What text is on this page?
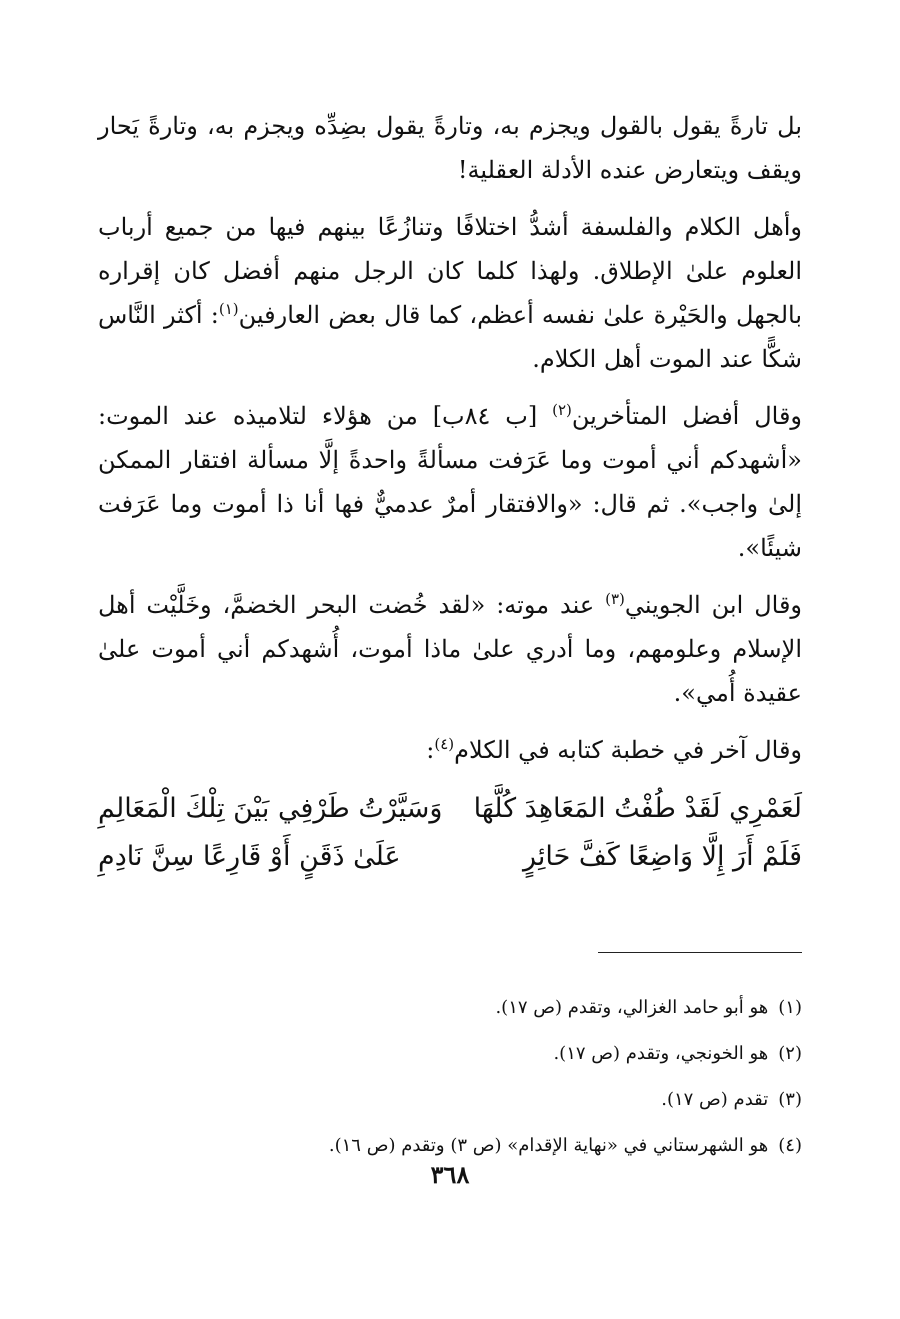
بل تارةً يقول بالقول ويجزم به، وتارةً يقول بضِدِّه ويجزم به، وتارةً يَحار ويقف ويتعارض عنده الأدلة العقلية!

وأهل الكلام والفلسفة أشدُّ اختلافًا وتنازُعًا بينهم فيها من جميع أرباب العلوم علىٰ الإطلاق. ولهذا كلما كان الرجل منهم أفضل كان إقراره بالجهل والحَيْرة علىٰ نفسه أعظم، كما قال بعض العارفين$^{(١)}$: أكثر النَّاس شكًّا عند الموت أهل الكلام.

وقال أفضل المتأخرين$^{(٢)}$ [ب ٨٤ب] من هؤلاء لتلاميذه عند الموت: «أشهدكم أني أموت وما عَرَفت مسألةً واحدةً إلَّا مسألة افتقار الممكن إلىٰ واجب». ثم قال: «والافتقار أمرٌ عدميٌّ فها أنا ذا أموت وما عَرَفت شيئًا».

وقال ابن الجويني$^{(٣)}$ عند موته: «لقد خُضت البحر الخضمَّ، وخَلَّيْت أهل الإسلام وعلومهم، وما أدري علىٰ ماذا أموت، أُشهدكم أني أموت علىٰ عقيدة أُمي».

وقال آخر في خطبة كتابه في الكلام$^{(٤)}$:

لَعَمْرِي لَقَدْ طُفْتُ المَعَاهِدَ كُلَّهَا
وَسَيَّرْتُ طَرْفِي بَيْنَ تِلْكَ الْمَعَالِمِ
فَلَمْ أَرَ إِلَّا وَاضِعًا كَفَّ حَائِرٍ
عَلَىٰ ذَقَنٍ أَوْ قَارِعًا سِنَّ نَادِمِ
(١)
هو أبو حامد الغزالي، وتقدم (ص ١٧).
(٢)
هو الخونجي، وتقدم (ص ١٧).
(٣)
تقدم (ص ١٧).
(٤)
هو الشهرستاني في «نهاية الإقدام» (ص ٣) وتقدم (ص ١٦).
٣٦٨
